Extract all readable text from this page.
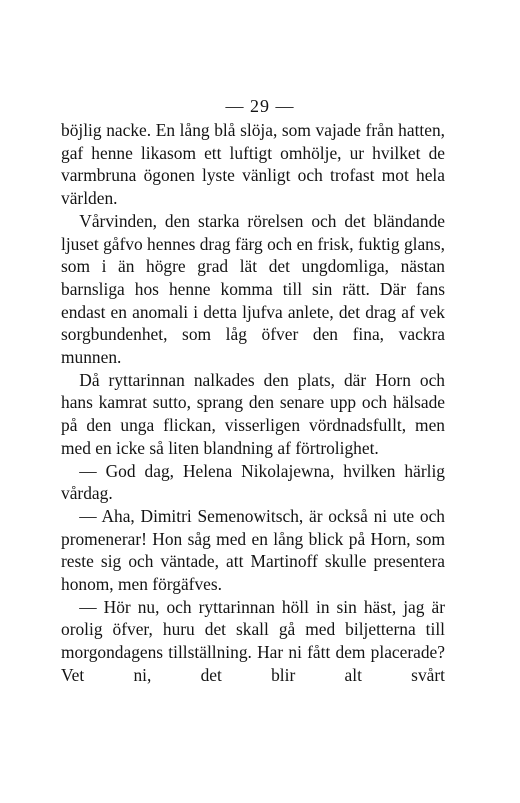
— 29 —

böjlig nacke. En lång blå slöja, som vajade från hatten, gaf henne likasom ett luftigt omhölje, ur hvilket de varmbruna ögonen lyste vänligt och trofast mot hela världen.

Vårvinden, den starka rörelsen och det bländande ljuset gåfvo hennes drag färg och en frisk, fuktig glans, som i än högre grad lät det ungdomliga, nästan barnsliga hos henne komma till sin rätt. Där fans endast en anomali i detta ljufva anlete, det drag af vek sorgbundenhet, som låg öfver den fina, vackra munnen.

Då ryttarinnan nalkades den plats, där Horn och hans kamrat sutto, sprang den senare upp och hälsade på den unga flickan, visserligen vördnadsfullt, men med en icke så liten blandning af förtrolighet.

— God dag, Helena Nikolajewna, hvilken härlig vårdag.

— Aha, Dimitri Semenowitsch, är också ni ute och promenerar! Hon såg med en lång blick på Horn, som reste sig och väntade, att Martinoff skulle presentera honom, men förgäfves.

— Hör nu, och ryttarinnan höll in sin häst, jag är orolig öfver, huru det skall gå med biljetterna till morgondagens tillställning. Har ni fått dem placerade? Vet ni, det blir alt svårt
